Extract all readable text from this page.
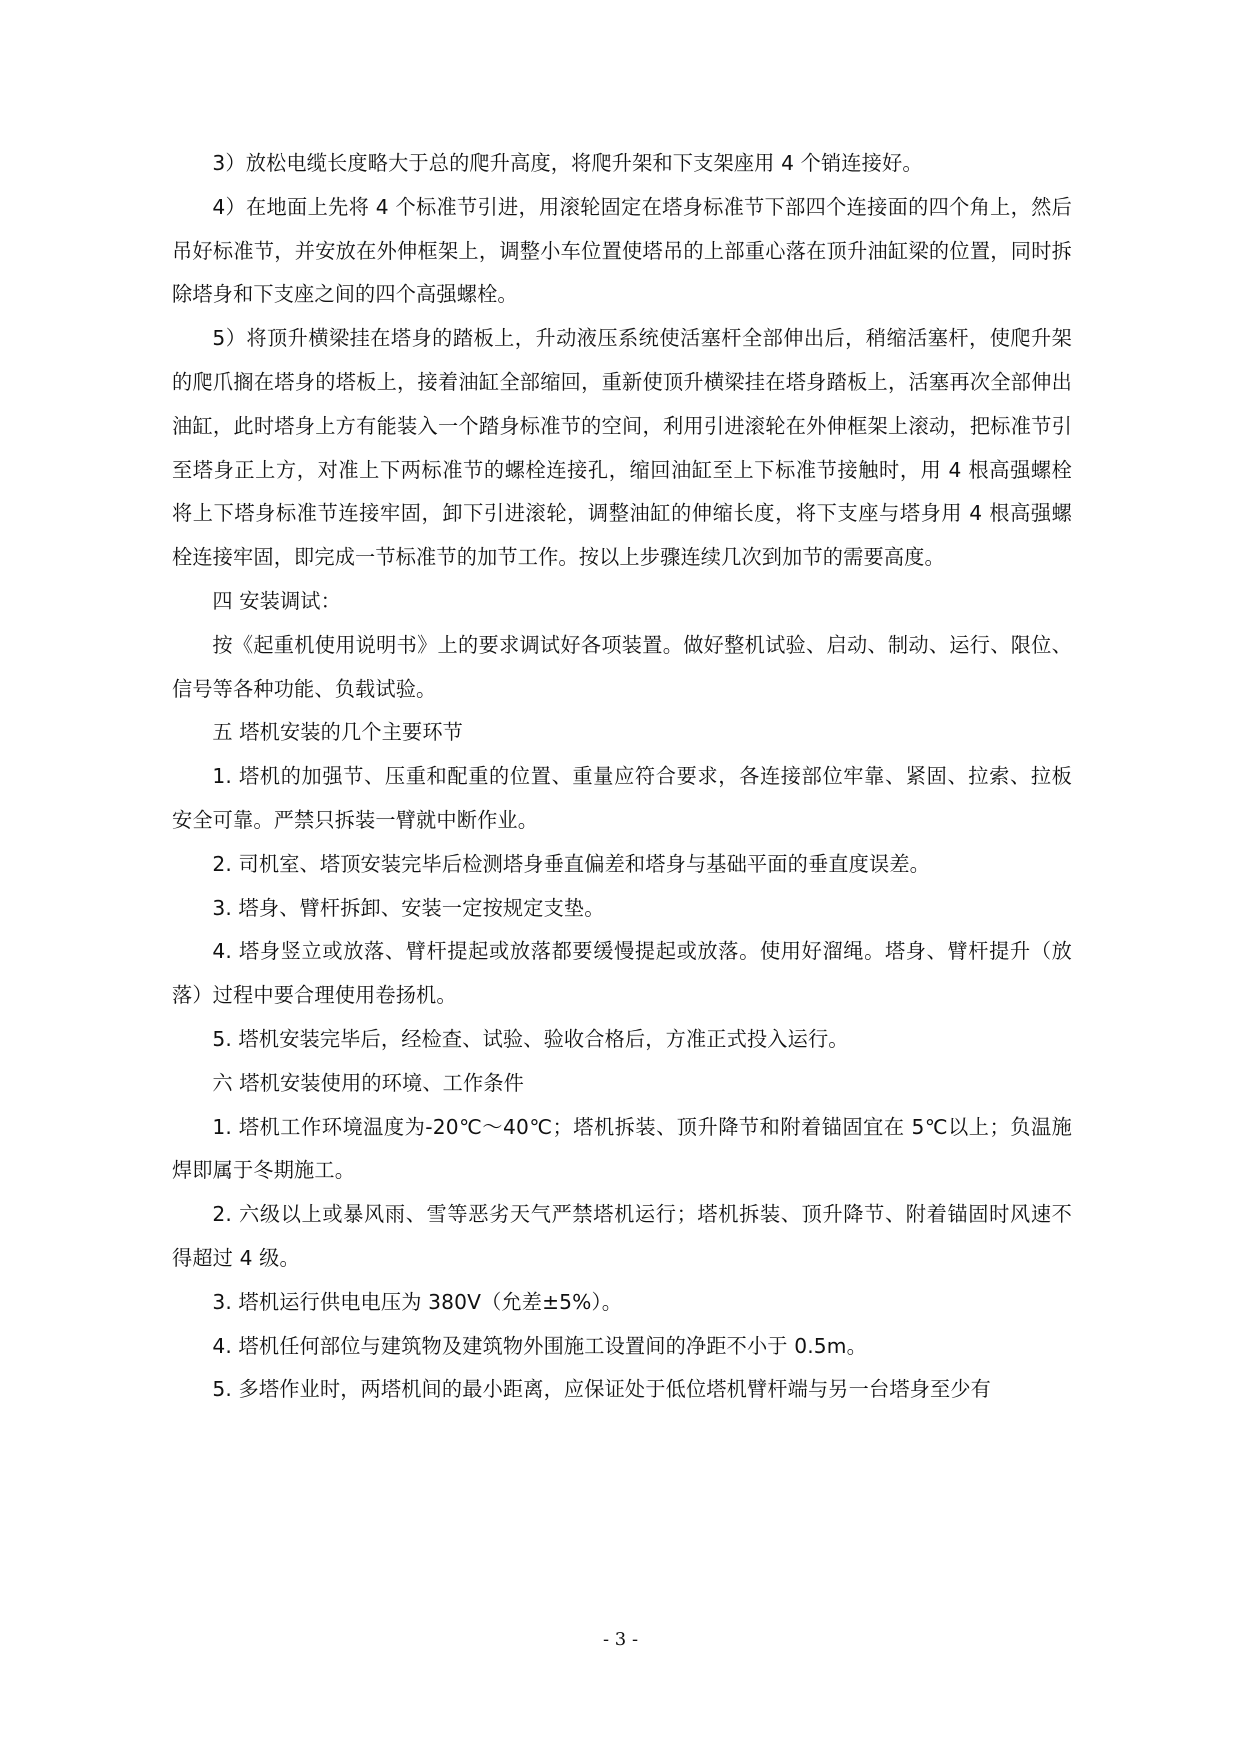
3）放松电缆长度略大于总的爬升高度，将爬升架和下支架座用 4 个销连接好。

4）在地面上先将 4 个标准节引进，用滚轮固定在塔身标准节下部四个连接面的四个角上，然后吊好标准节，并安放在外伸框架上，调整小车位置使塔吊的上部重心落在顶升油缸梁的位置，同时拆除塔身和下支座之间的四个高强螺栓。

5）将顶升横梁挂在塔身的踏板上，升动液压系统使活塞杆全部伸出后，稍缩活塞杆，使爬升架的爬爪搁在塔身的塔板上，接着油缸全部缩回，重新使顶升横梁挂在塔身踏板上，活塞再次全部伸出油缸，此时塔身上方有能装入一个踏身标准节的空间，利用引进滚轮在外伸框架上滚动，把标准节引至塔身正上方，对准上下两标准节的螺栓连接孔，缩回油缸至上下标准节接触时，用 4 根高强螺栓将上下塔身标准节连接牢固，卸下引进滚轮，调整油缸的伸缩长度，将下支座与塔身用 4 根高强螺栓连接牢固，即完成一节标准节的加节工作。按以上步骤连续几次到加节的需要高度。

四 安装调试：

按《起重机使用说明书》上的要求调试好各项装置。做好整机试验、启动、制动、运行、限位、信号等各种功能、负载试验。

五 塔机安装的几个主要环节

1. 塔机的加强节、压重和配重的位置、重量应符合要求，各连接部位牢靠、紧固、拉索、拉板安全可靠。严禁只拆装一臂就中断作业。

2. 司机室、塔顶安装完毕后检测塔身垂直偏差和塔身与基础平面的垂直度误差。

3. 塔身、臂杆拆卸、安装一定按规定支垫。

4. 塔身竖立或放落、臂杆提起或放落都要缓慢提起或放落。使用好溜绳。塔身、臂杆提升（放落）过程中要合理使用卷扬机。

5. 塔机安装完毕后，经检查、试验、验收合格后，方准正式投入运行。

六 塔机安装使用的环境、工作条件

1. 塔机工作环境温度为-20℃～40℃；塔机拆装、顶升降节和附着锚固宜在 5℃以上；负温施焊即属于冬期施工。

2. 六级以上或暴风雨、雪等恶劣天气严禁塔机运行；塔机拆装、顶升降节、附着锚固时风速不得超过 4 级。

3. 塔机运行供电电压为 380V（允差±5%）。

4. 塔机任何部位与建筑物及建筑物外围施工设置间的净距不小于 0.5m。

5. 多塔作业时，两塔机间的最小距离，应保证处于低位塔机臂杆端与另一台塔身至少有

- 3 -
